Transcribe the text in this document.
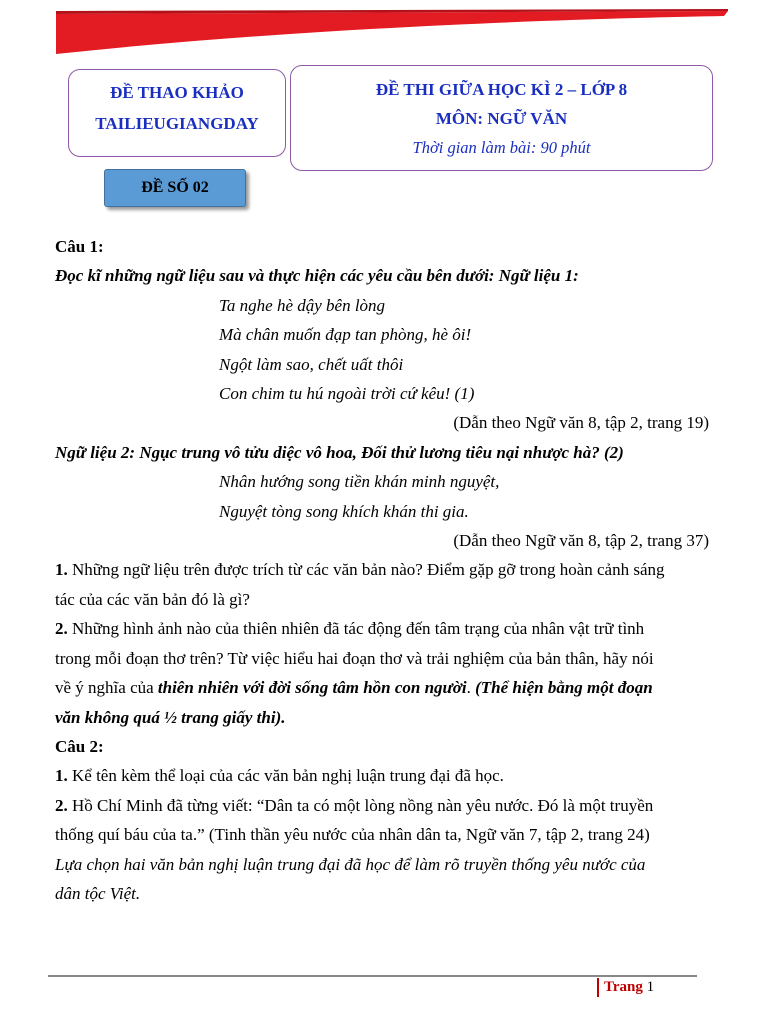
ĐỀ THAO KHẢO
TAILIEUGIANGDAY
ĐỀ THI GIỮA HỌC KÌ 2 – LỚP 8
MÔN: NGỮ VĂN
Thời gian làm bài: 90 phút
ĐỀ SỐ 02

Câu 1:

Đọc kĩ những ngữ liệu sau và thực hiện các yêu cầu bên dưới: Ngữ liệu 1:

Ta nghe hè dậy bên lòng

Mà chân muốn đạp tan phòng, hè ôi!

Ngột làm sao, chết uất thôi

Con chim tu hú ngoài trời cứ kêu! (1)

(Dẫn theo Ngữ văn 8, tập 2, trang 19)

Ngữ liệu 2: Ngục trung vô tửu diệc vô hoa, Đối thử lương tiêu nại nhược hà? (2)

Nhân hướng song tiền khán minh nguyệt,

Nguyệt tòng song khích khán thi gia.

(Dẫn theo Ngữ văn 8, tập 2, trang 37)

1. Những ngữ liệu trên được trích từ các văn bản nào? Điểm gặp gỡ trong hoàn cảnh sáng

tác của các văn bản đó là gì?

2. Những hình ảnh nào của thiên nhiên đã tác động đến tâm trạng của nhân vật trữ tình

trong mỗi đoạn thơ trên? Từ việc hiểu hai đoạn thơ và trải nghiệm của bản thân, hãy nói

về ý nghĩa của thiên nhiên với đời sống tâm hồn con người. (Thể hiện bằng một đoạn

văn không quá ½ trang giấy thi).

Câu 2:

1. Kể tên kèm thể loại của các văn bản nghị luận trung đại đã học.

2. Hồ Chí Minh đã từng viết: “Dân ta có một lòng nồng nàn yêu nước. Đó là một truyền

thống quí báu của ta.” (Tinh thần yêu nước của nhân dân ta, Ngữ văn 7, tập 2, trang 24)

Lựa chọn hai văn bản nghị luận trung đại đã học để làm rõ truyền thống yêu nước của

dân tộc Việt.

Trang 1
